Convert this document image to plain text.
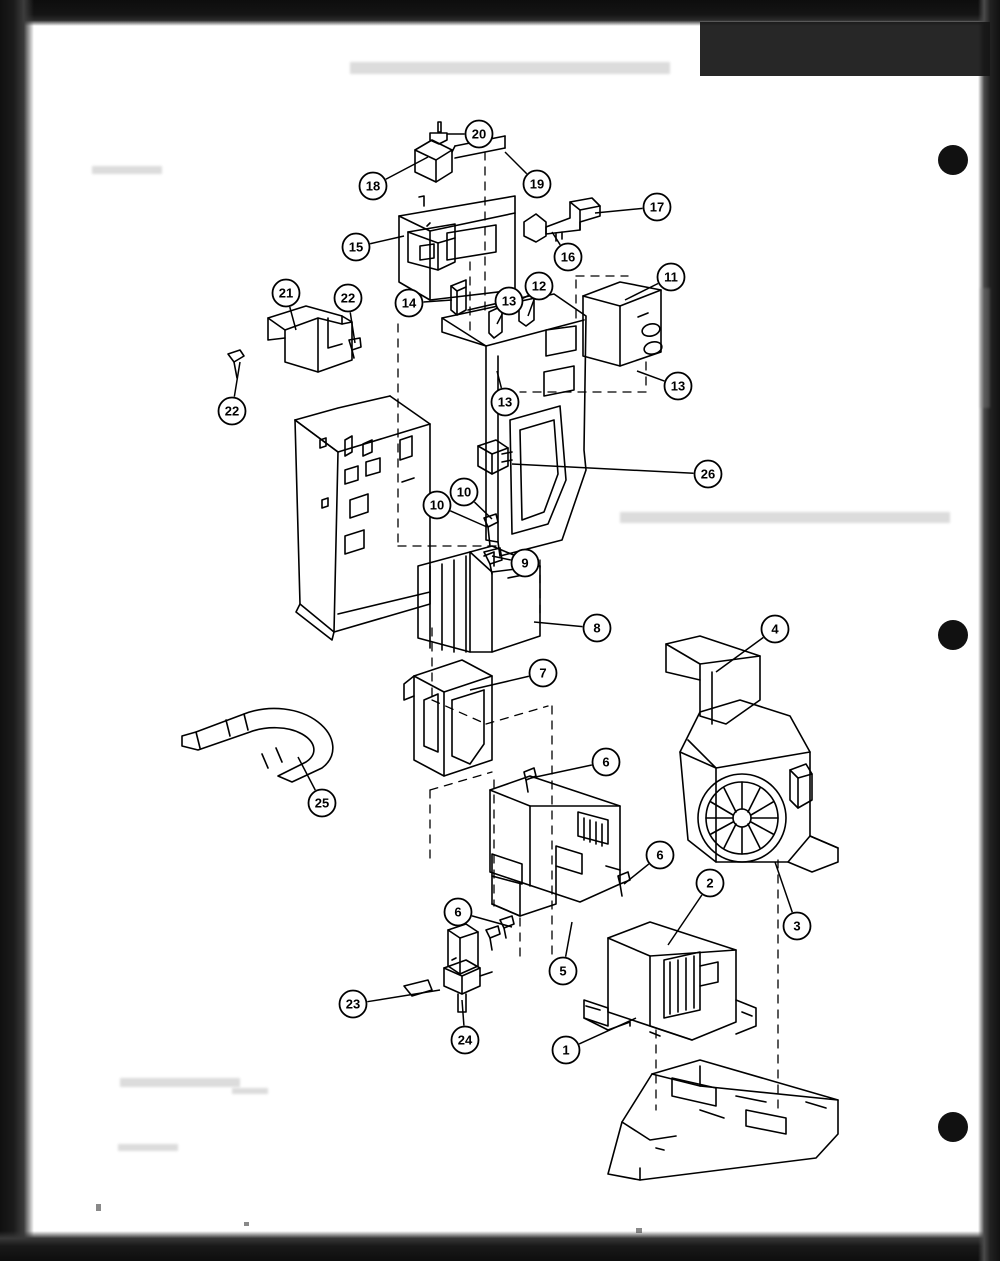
1
2
3
4
5
6
6
6
7
8
9
10
10
11
12
13
13
13
14
15
16
17
18	19
20
21	22
22
23
24
25
26
